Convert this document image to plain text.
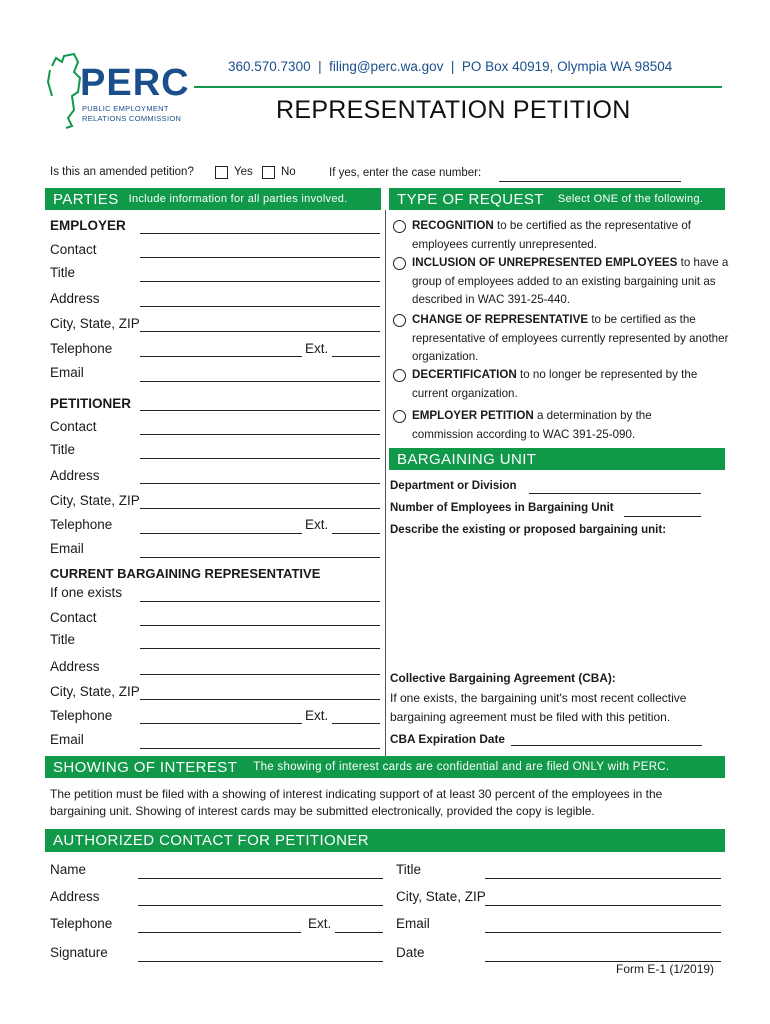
PERC
PUBLIC EMPLOYMENT
RELATIONS COMMISSION
360.570.7300  |  filing@perc.wa.gov  |  PO Box 40919, Olympia WA 98504
REPRESENTATION PETITION
Is this an amended petition?	Yes No	If yes, enter the case number:
PARTIES Include information for all parties involved.	TYPE OF REQUEST Select ONE of the following.
EMPLOYER
Contact
Title
Address
City, State, ZIP
Telephone	Ext.
Email
PETITIONER
Contact
Title
Address
City, State, ZIP
Telephone	Ext.
Email
CURRENT BARGAINING REPRESENTATIVE
If one exists
Contact
Title
Address
City, State, ZIP
Telephone	Ext.
Email
RECOGNITION to be certified as the representative of employees currently unrepresented.
INCLUSION OF UNREPRESENTED EMPLOYEES to have a group of employees added to an existing bargaining unit as described in WAC 391-25-440.
CHANGE OF REPRESENTATIVE to be certified as the representative of employees currently represented by another organization.
DECERTIFICATION to no longer be represented by the current organization.
EMPLOYER PETITION a determination by the commission according to WAC 391-25-090.
BARGAINING UNIT
Department or Division
Number of Employees in Bargaining Unit
Describe the existing or proposed bargaining unit:
Collective Bargaining Agreement (CBA):
If one exists, the bargaining unit's most recent collective
bargaining agreement must be filed with this petition.
CBA Expiration Date
SHOWING OF INTEREST The showing of interest cards are confidential and are filed ONLY with PERC.
The petition must be filed with a showing of interest indicating support of at least 30 percent of the employees in the
bargaining unit. Showing of interest cards may be submitted electronically, provided the copy is legible.
AUTHORIZED CONTACT FOR PETITIONER
Name	Title
Address	City, State, ZIP
Telephone	Ext.	Email
Signature	Date
Form E-1 (1/2019)
